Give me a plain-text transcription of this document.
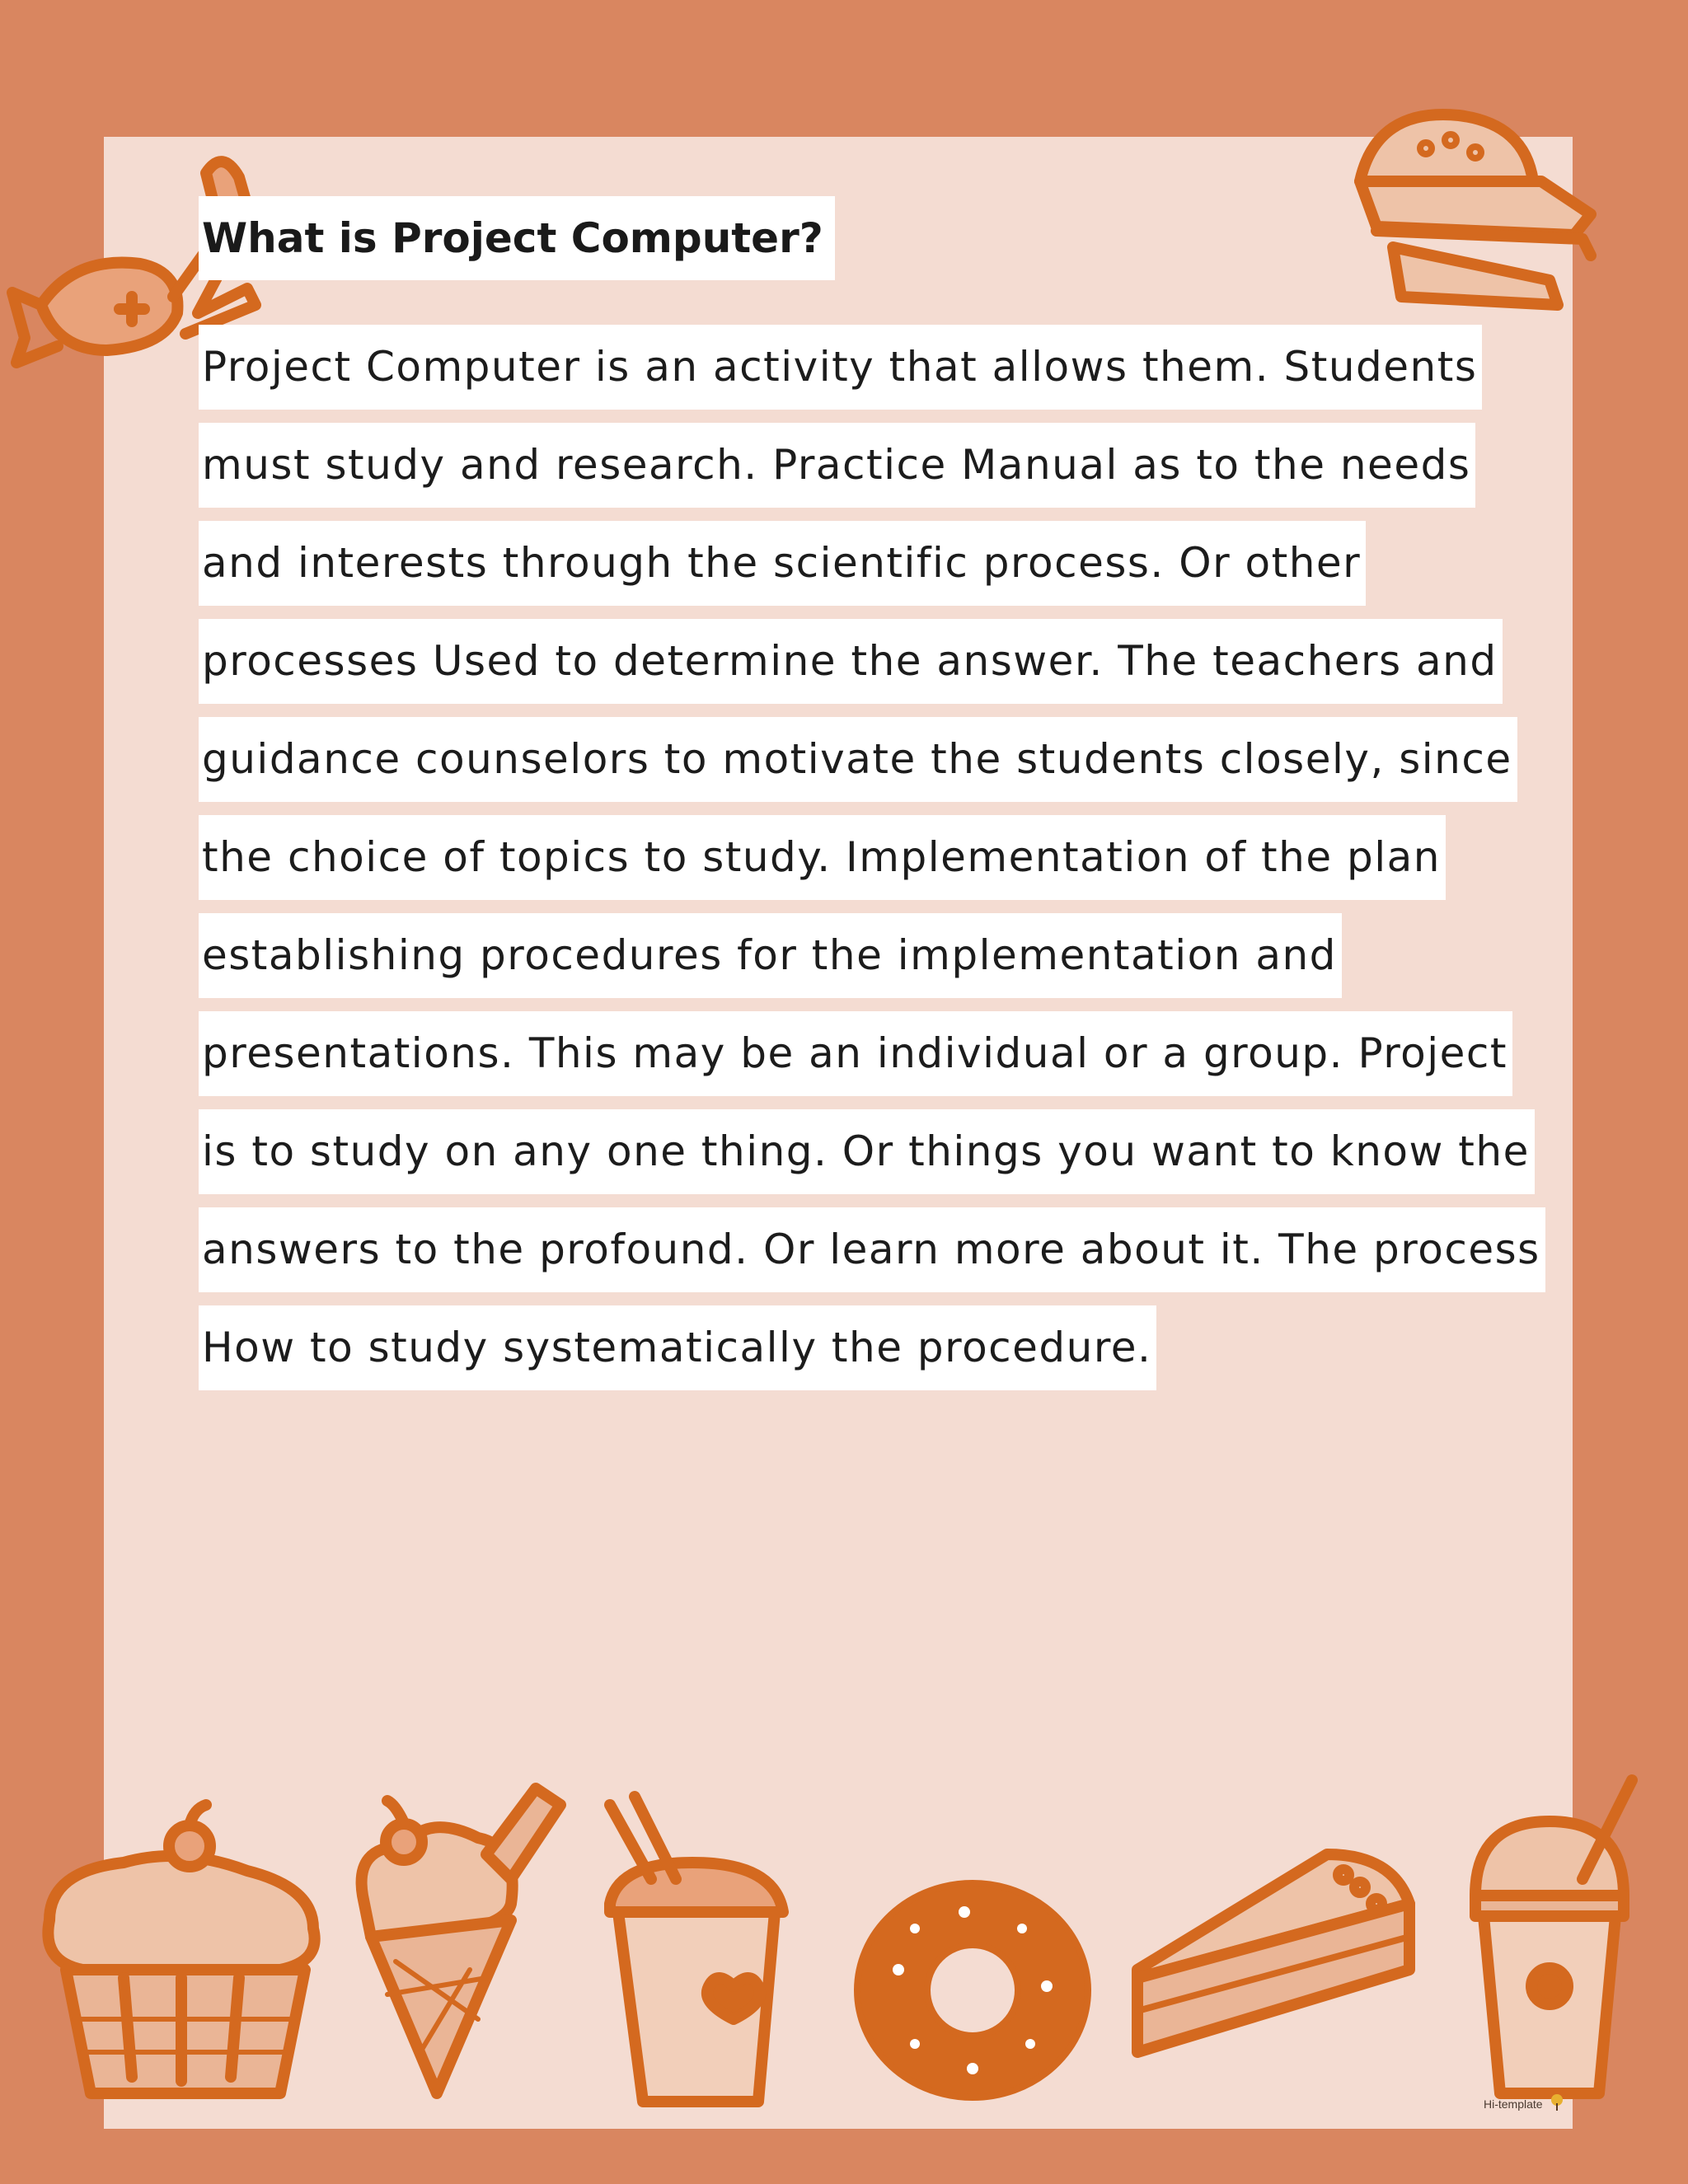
What is Project Computer?
Project Computer is an activity that allows them. Students
must study and research. Practice Manual as to the needs
and interests through the scientific process. Or other
processes Used to determine the answer. The teachers and
guidance counselors to motivate the students closely, since
the choice of topics to study. Implementation of the plan
establishing procedures for the implementation and
presentations. This may be an individual or a group. Project
is to study on any one thing. Or things you want to know the
answers to the profound. Or learn more about it. The process
How to study systematically the procedure.
Hi-template
